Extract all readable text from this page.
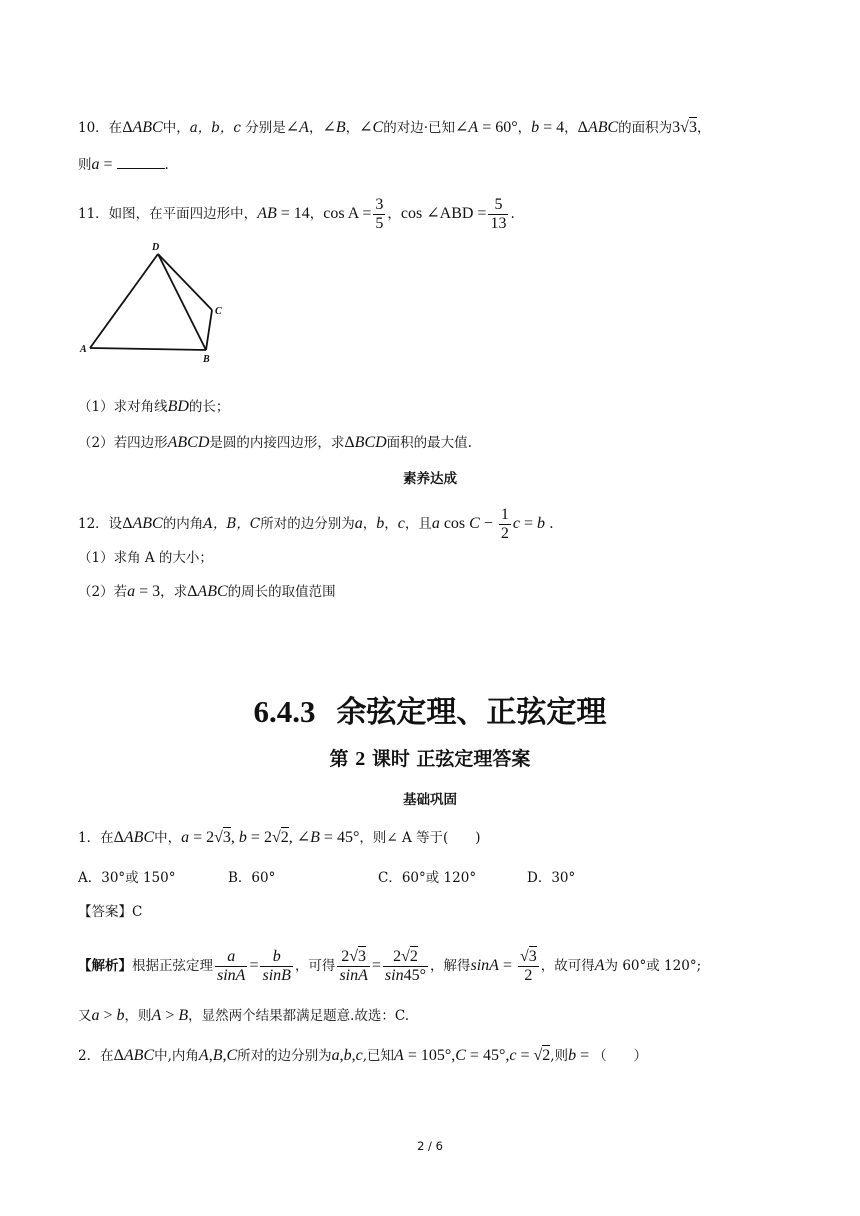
10．在ΔABC中，a，b，c 分别是∠A，∠B，∠C的对边·已知∠A = 60°，b = 4，ΔABC的面积为3√3，
则a =	.
11．如图，在平面四边形中，AB = 14，$\cos A = \frac{3}{5}$ ，cos ∠ABD = $\frac{5}{13}$ .
D
C
A
B
（1）求对角线BD的长；
（2）若四边形ABCD是圆的内接四边形，求ΔBCD面积的最大值.
素养达成
12．设ΔABC的内角A，B，C所对的边分别为a，b，c，且a $\cos C - \frac{1}{2}$ c = b .
（1）求角 A 的大小；
（2）若a = 3，求ΔABC的周长的取值范围
6.4.3 余弦定理、正弦定理
第 2 课时 正弦定理答案
基础巩固
1．在ΔABC中，a = 2√3, b = 2√2, ∠B = 45°，则∠ A 等于(　　)
A．30°或 150°	B．60°	C．60°或 120°	D．30°
【答案】C
【解析】根据正弦定理 $\frac{a}{\sin A} = \frac{b}{\sin B}$ ，可得 $\frac{2√3}{\sin A} = \frac{2√2}{\sin 45^\circ}$ ，解得$\sin A = \frac{√3}{2}$ ，故可得A为 60°或 120°;
又a > b，则A > B，显然两个结果都满足题意.故选：C.
2．在ΔABC中,内角A,B,C所对的边分别为a,b,c,已知A = 105°,C = 45°,c = √2,则b = （　　）
2 / 6
